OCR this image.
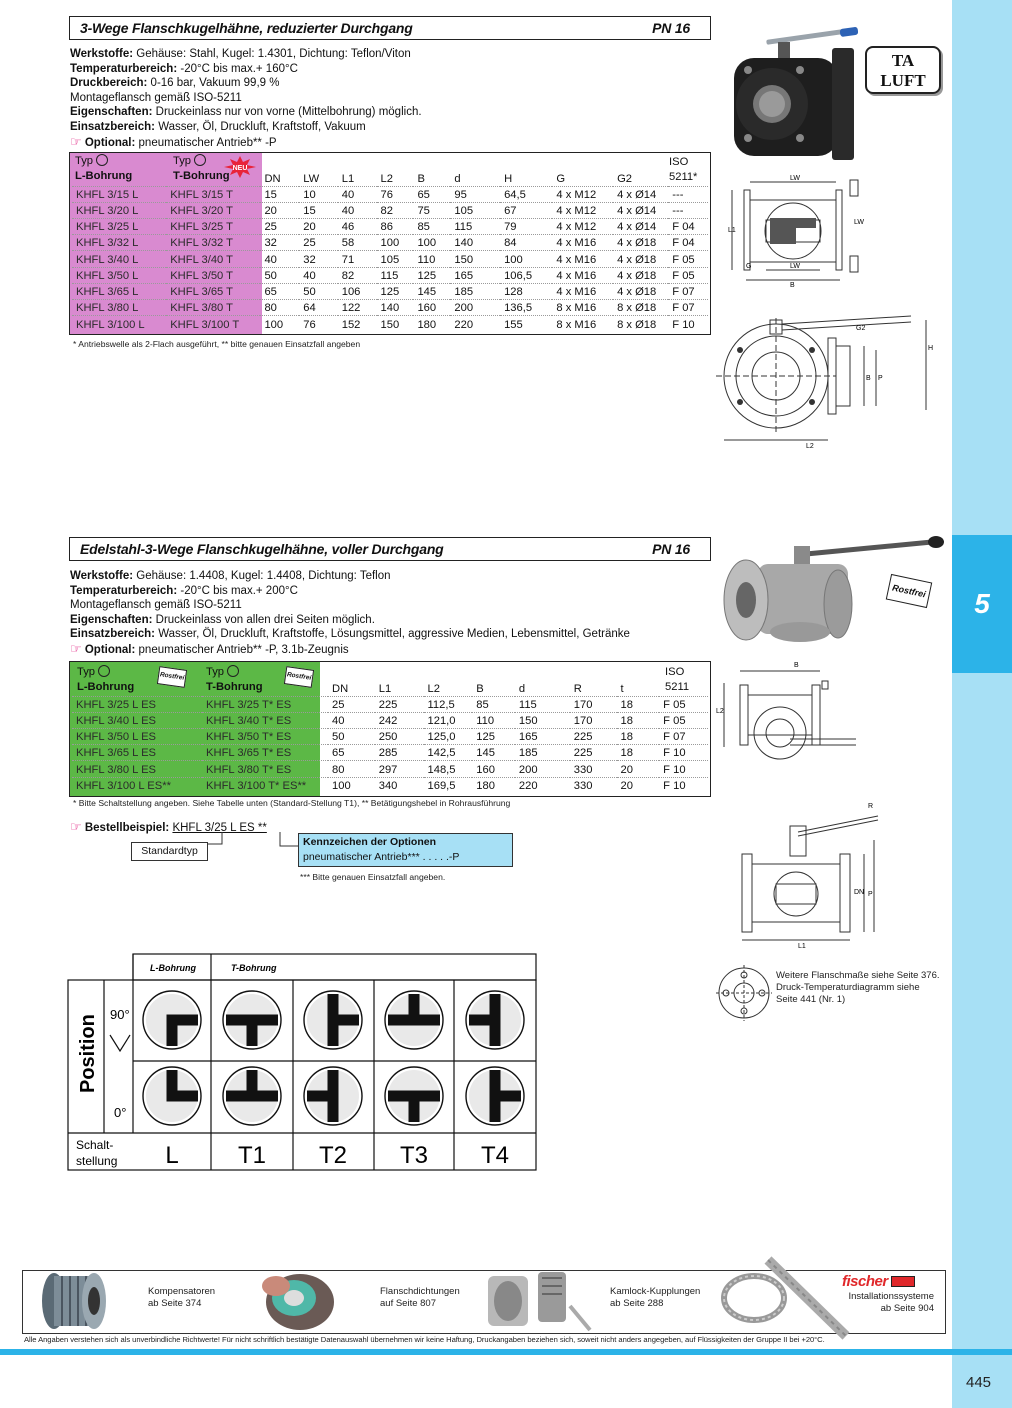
5
3-Wege Flanschkugelhähne, reduzierter Durchgang	PN 16
Werkstoffe: Gehäuse: Stahl, Kugel: 1.4301, Dichtung: Teflon/Viton
Temperaturbereich: -20°C bis max.+ 160°C
Druckbereich: 0-16 bar, Vakuum 99,9 %
Montageflansch gemäß ISO-5211
Eigenschaften: Druckeinlass nur von vorne (Mittelbohrung) möglich.
Einsatzbereich: Wasser, Öl, Druckluft, Kraftstoff, Vakuum
☞ Optional: pneumatischer Antrieb** -P
Typ
L-Bohrung
Typ
T-Bohrung
NEU
ISO
5211*
		DN	LW	L1	L2	B	d	H	G	G2	
KHFL 3/15 L	KHFL 3/15 T	15	10	40	76	65	95	64,5	4 x M12	4 x Ø14	---
KHFL 3/20 L	KHFL 3/20 T	20	15	40	82	75	105	67	4 x M12	4 x Ø14	---
KHFL 3/25 L	KHFL 3/25 T	25	20	46	86	85	115	79	4 x M12	4 x Ø14	F 04
KHFL 3/32 L	KHFL 3/32 T	32	25	58	100	100	140	84	4 x M16	4 x Ø18	F 04
KHFL 3/40 L	KHFL 3/40 T	40	32	71	105	110	150	100	4 x M16	4 x Ø18	F 05
KHFL 3/50 L	KHFL 3/50 T	50	40	82	115	125	165	106,5	4 x M16	4 x Ø18	F 05
KHFL 3/65 L	KHFL 3/65 T	65	50	106	125	145	185	128	4 x M16	4 x Ø18	F 07
KHFL 3/80 L	KHFL 3/80 T	80	64	122	140	160	200	136,5	8 x M16	8 x Ø18	F 07
KHFL 3/100 L	KHFL 3/100 T	100	76	152	150	180	220	155	8 x M16	8 x Ø18	F 10
* Antriebswelle als 2-Flach ausgeführt, ** bitte genauen Einsatzfall angeben
TA
LUFT
LW
L1
G	LW
B
LW
L2
H
G2
B P
Edelstahl-3-Wege Flanschkugelhähne, voller Durchgang	PN 16
Werkstoffe: Gehäuse: 1.4408, Kugel: 1.4408, Dichtung: Teflon
Temperaturbereich: -20°C bis max.+ 200°C
Montageflansch gemäß ISO-5211
Eigenschaften: Druckeinlass von allen drei Seiten möglich.
Einsatzbereich: Wasser, Öl, Druckluft, Kraftstoffe, Lösungsmittel, aggressive Medien, Lebensmittel, Getränke
☞ Optional: pneumatischer Antrieb** -P, 3.1b-Zeugnis
Typ
L-Bohrung
Rostfrei Typ
T-Bohrung
Rostfrei	ISO
5211
		DN	L1	L2	B	d	R	t	
KHFL 3/25 L ES	KHFL 3/25 T* ES	25	225	112,5	85	115	170	18	F 05
KHFL 3/40 L ES	KHFL 3/40 T* ES	40	242	121,0	110	150	170	18	F 05
KHFL 3/50 L ES	KHFL 3/50 T* ES	50	250	125,0	125	165	225	18	F 07
KHFL 3/65 L ES	KHFL 3/65 T* ES	65	285	142,5	145	185	225	18	F 10
KHFL 3/80 L ES	KHFL 3/80 T* ES	80	297	148,5	160	200	330	20	F 10
KHFL 3/100 L ES**	KHFL 3/100 T* ES**	100	340	169,5	180	220	330	20	F 10
* Bitte Schaltstellung angeben. Siehe Tabelle unten (Standard-Stellung T1), ** Betätigungshebel in Rohrausführung
Rostfrei
☞ Bestellbeispiel: KHFL 3/25 L ES **
Standardtyp
Kennzeichen der Optionen
pneumatischer Antrieb*** . . . . .-P
*** Bitte genauen Einsatzfall angeben.
B
L2
L1
R
DN P
Weitere Flanschmaße siehe Seite 376.
Druck-Temperaturdiagramm siehe
Seite 441 (Nr. 1)
L-Bohrung	T-Bohrung
Position 90°
0°
Schalt-
stellung L T1 T2 T3 T4
Kompensatoren
ab Seite 374
Flanschdichtungen
auf Seite 807
Kamlock-Kupplungen
ab Seite 288
fischer
Installationssysteme
ab Seite 904
Alle Angaben verstehen sich als unverbindliche Richtwerte! Für nicht schriftlich bestätigte Datenauswahl übernehmen wir keine Haftung, Druckangaben beziehen sich, soweit nicht anders angegeben, auf Flüssigkeiten der Gruppe II bei +20°C.
445
